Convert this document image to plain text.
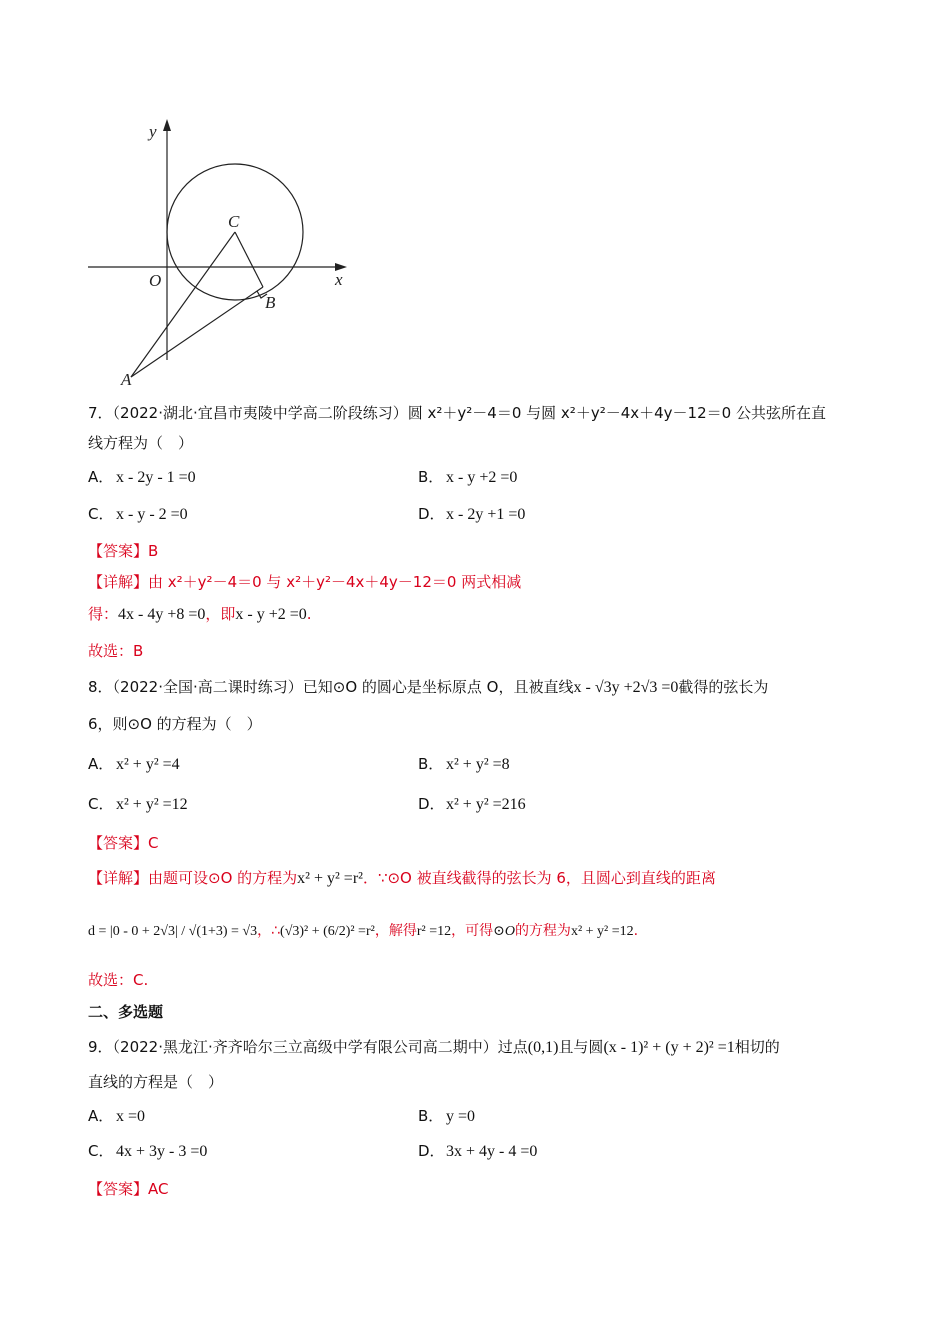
y
x
O
C
B
A
7．（2022·湖北·宜昌市夷陵中学高二阶段练习）圆 x²＋y²－4＝0 与圆 x²＋y²－4x＋4y－12＝0 公共弦所在直
线方程为（　）
A． x - 2y - 1 =0	B． x - y +2 =0
C． x - y - 2 =0	D．x - 2y +1 =0
【答案】B
【详解】由 x²＋y²－4＝0 与 x²＋y²－4x＋4y－12＝0 两式相减
得：4x - 4y +8 =0，即x - y +2 =0.
故选：B
8．（2022·全国·高二课时练习）已知⊙O 的圆心是坐标原点 O，且被直线x - √3y +2√3 =0截得的弦长为
6，则⊙O 的方程为（　）
A． x² + y² =4	B． x² + y² =8
C． x² + y² =12	D．x² + y² =216
【答案】C
【详解】由题可设⊙O 的方程为x² + y² =r²．∵⊙O 被直线截得的弦长为 6，且圆心到直线的距离
d = |0 - 0 + 2√3| / √(1+3) = √3，∴(√3)² + (6/2)² =r²，解得r² =12，可得⊙O的方程为x² + y² =12.
故选：C.
二、多选题
9．（2022·黑龙江·齐齐哈尔三立高级中学有限公司高二期中）过点(0,1)且与圆(x - 1)² + (y + 2)² =1相切的
直线的方程是（　）
A． x =0	B． y =0
C． 4x + 3y - 3 =0	D．3x + 4y - 4 =0
【答案】AC
